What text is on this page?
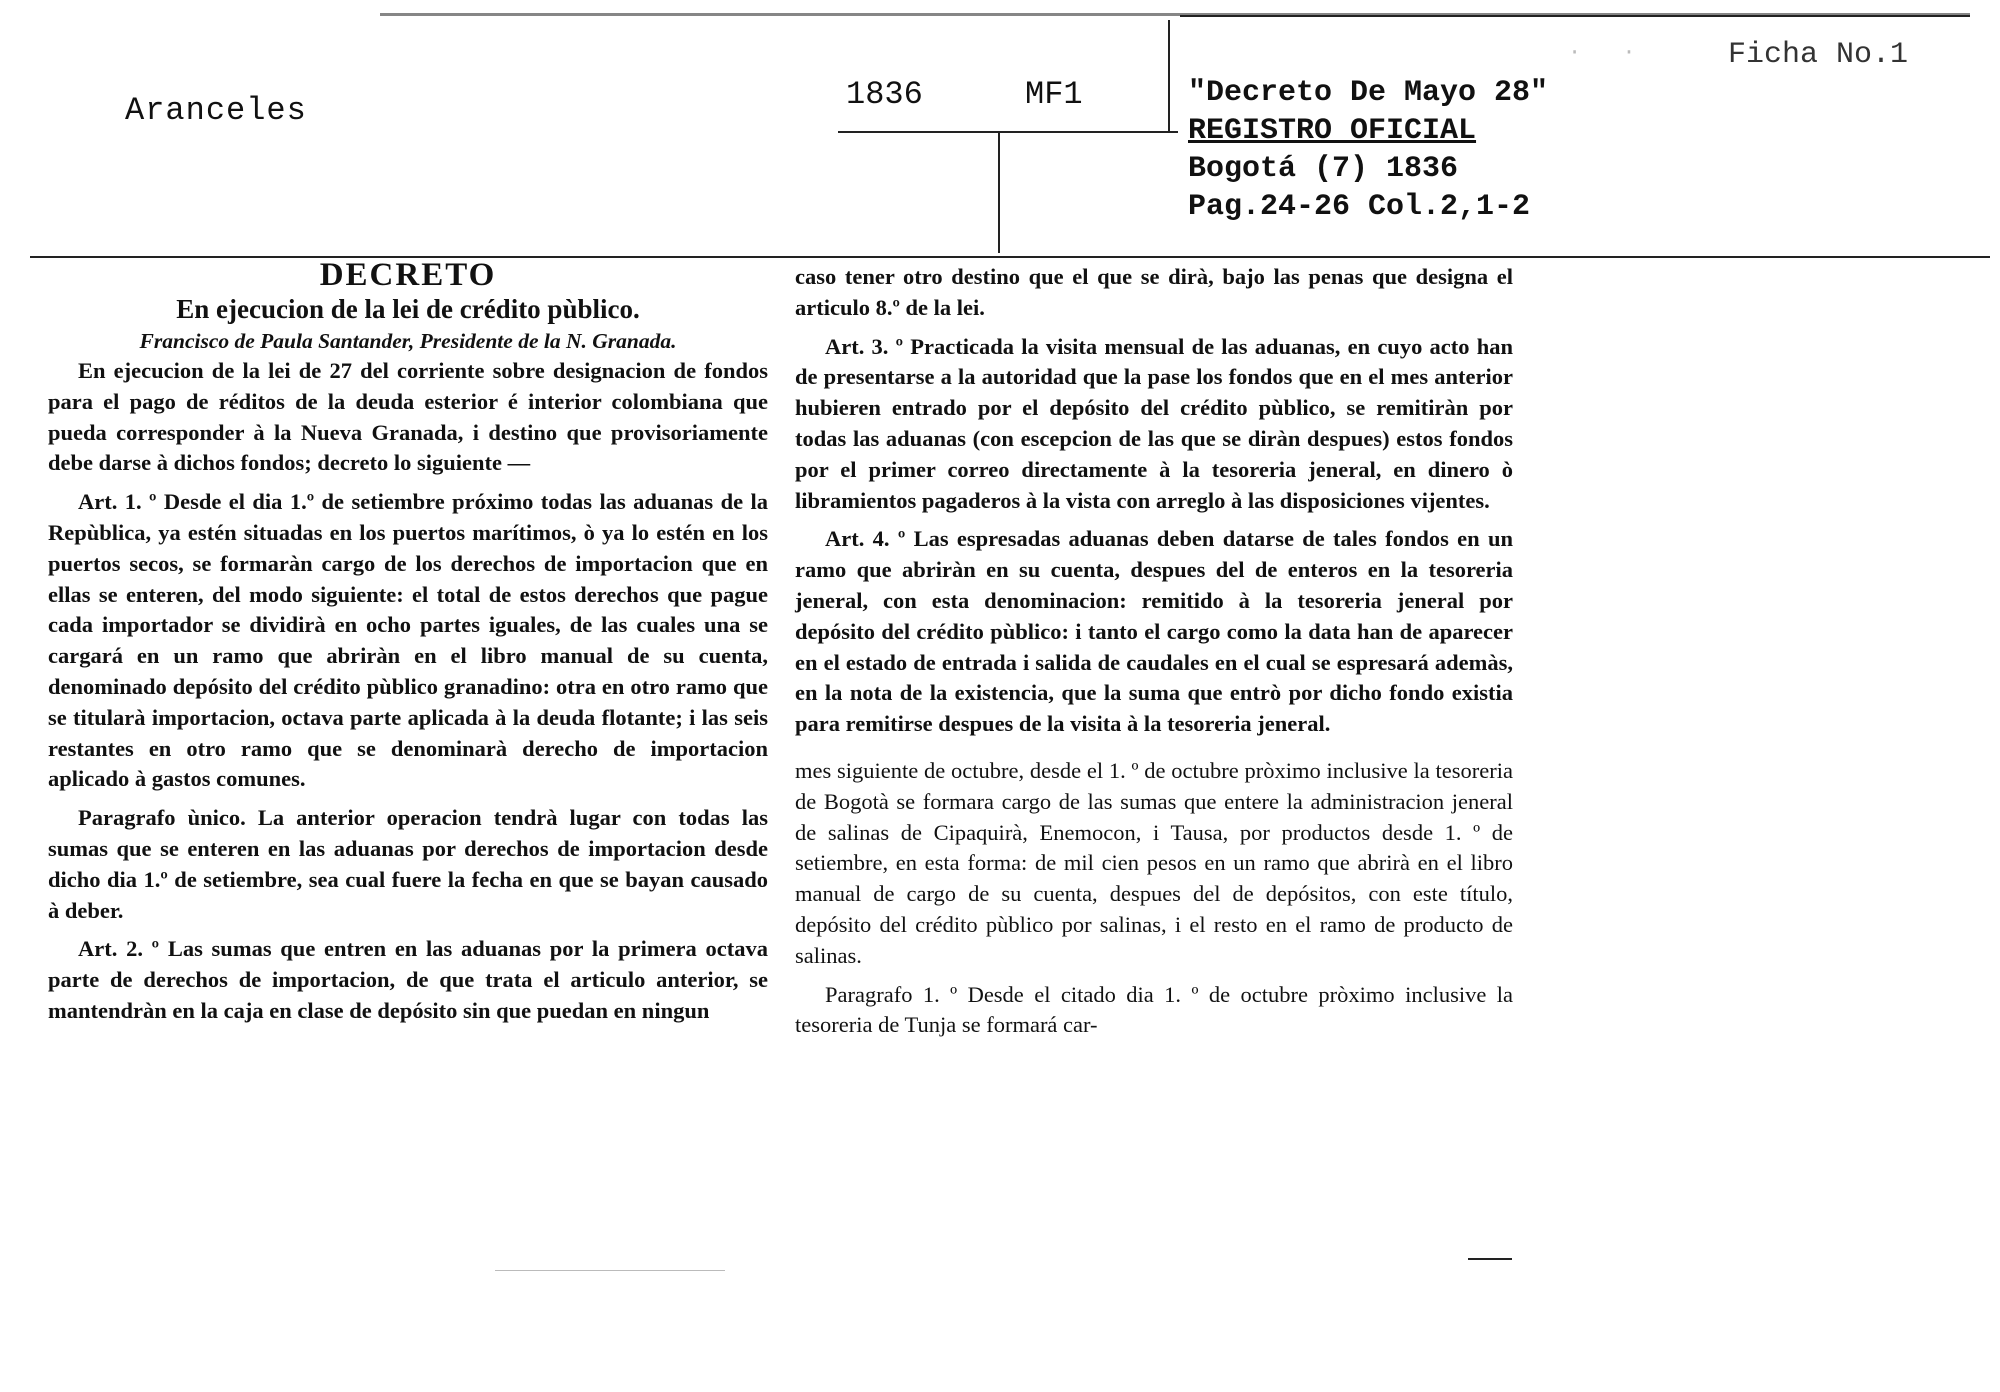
Aranceles	1836	MF1
· ·	Ficha No.1
"Decreto De Mayo 28"
REGISTRO OFICIAL
Bogotá (7) 1836
Pag.24-26 Col.2,1-2

DECRETO

En ejecucion de la lei de crédito pùblico.

Francisco de Paula Santander, Presidente de la N. Granada.

En ejecucion de la lei de 27 del corriente sobre designacion de fondos para el pago de réditos de la deuda esterior é interior colombiana que pueda corresponder à la Nueva Granada, i destino que provisoriamente debe darse à dichos fondos; decreto lo siguiente —

Art. 1. º Desde el dia 1.º de setiembre próximo todas las aduanas de la Repùblica, ya estén situadas en los puertos marítimos, ò ya lo estén en los puertos secos, se formaràn cargo de los derechos de importacion que en ellas se enteren, del modo siguiente: el total de estos derechos que pague cada importador se dividirà en ocho partes iguales, de las cuales una se cargará en un ramo que abriràn en el libro manual de su cuenta, denominado depósito del crédito pùblico granadino: otra en otro ramo que se titularà importacion, octava parte aplicada à la deuda flotante; i las seis restantes en otro ramo que se denominarà derecho de importacion aplicado à gastos comunes.

Paragrafo ùnico. La anterior operacion tendrà lugar con todas las sumas que se enteren en las aduanas por derechos de importacion desde dicho dia 1.º de setiembre, sea cual fuere la fecha en que se bayan causado à deber.

Art. 2. º Las sumas que entren en las aduanas por la primera octava parte de derechos de importacion, de que trata el articulo anterior, se mantendràn en la caja en clase de depósito sin que puedan en ningun

caso tener otro destino que el que se dirà, bajo las penas que designa el articulo 8.º de la lei.

Art. 3. º Practicada la visita mensual de las aduanas, en cuyo acto han de presentarse a la autoridad que la pase los fondos que en el mes anterior hubieren entrado por el depósito del crédito pùblico, se remitiràn por todas las aduanas (con escepcion de las que se diràn despues) estos fondos por el primer correo directamente à la tesoreria jeneral, en dinero ò libramientos pagaderos à la vista con arreglo à las disposiciones vijentes.

Art. 4. º Las espresadas aduanas deben datarse de tales fondos en un ramo que abriràn en su cuenta, despues del de enteros en la tesoreria jeneral, con esta denominacion: remitido à la tesoreria jeneral por depósito del crédito pùblico: i tanto el cargo como la data han de aparecer en el estado de entrada i salida de caudales en el cual se espresará ademàs, en la nota de la existencia, que la suma que entrò por dicho fondo existia para remitirse despues de la visita à la tesoreria jeneral.

mes siguiente de octubre, desde el 1. º de octubre pròximo inclusive la tesoreria de Bogotà se formara cargo de las sumas que entere la administracion jeneral de salinas de Cipaquirà, Enemocon, i Tausa, por productos desde 1. º de setiembre, en esta forma: de mil cien pesos en un ramo que abrirà en el libro manual de cargo de su cuenta, despues del de depósitos, con este título, depósito del crédito pùblico por salinas, i el resto en el ramo de producto de salinas.

Paragrafo 1. º Desde el citado dia 1. º de octubre pròximo inclusive la tesoreria de Tunja se formará car-
